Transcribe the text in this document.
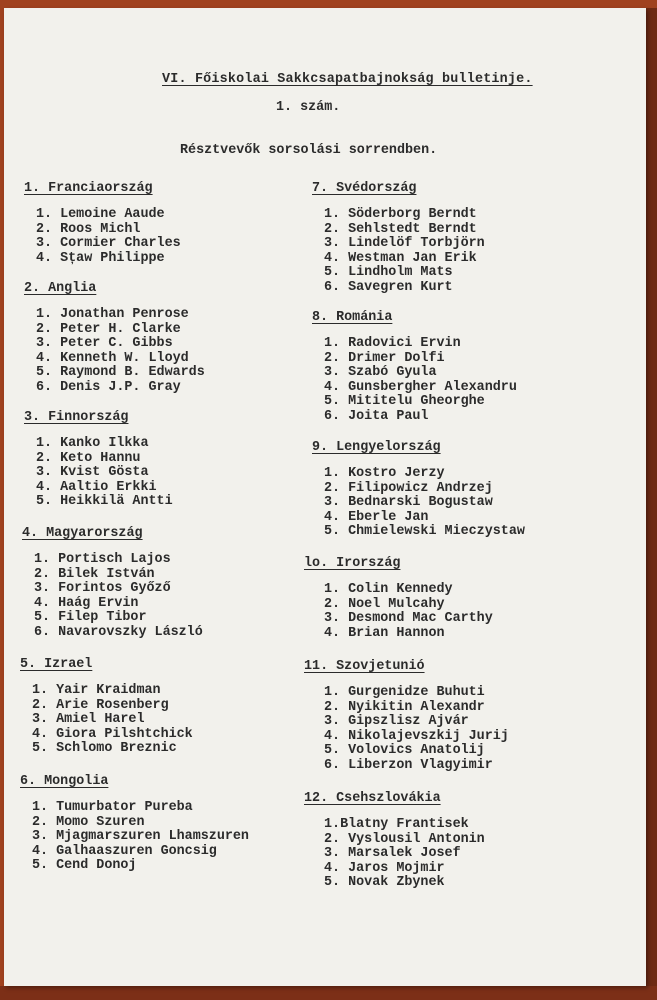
VI. Főiskolai Sakkcsapatbajnokság bulletinje.
1. szám.
Résztvevők sorsolási sorrendben.
1. Franciaország
1. Lemoine Aaude
2. Roos Michl
3. Cormier Charles
4. Sțaw Philippe
2. Anglia
1. Jonathan Penrose
2. Peter H. Clarke
3. Peter C. Gibbs
4. Kenneth W. Lloyd
5. Raymond B. Edwards
6. Denis J.P. Gray
3. Finnország
1. Kanko Ilkka
2. Keto Hannu
3. Kvist Gösta
4. Aaltio Erkki
5. Heikkilä Antti
4. Magyarország
1. Portisch Lajos
2. Bilek István
3. Forintos Győző
4. Haág Ervin
5. Filep Tibor
6. Navarovszky László
5. Izrael
1. Yair Kraidman
2. Arie Rosenberg
3. Amiel Harel
4. Giora Pilshtchick
5. Schlomo Breznic
6. Mongolia
1. Tumurbator Pureba
2. Momo Szuren
3. Mjagmarszuren Lhamszuren
4. Galhaaszuren Goncsig
5. Cend Donoj
7. Svédország
1. Söderborg Berndt
2. Sehlstedt Berndt
3. Lindelöf Torbjörn
4. Westman Jan Erik
5. Lindholm Mats
6. Savegren Kurt
8. Románia
1. Radovici Ervin
2. Drimer Dolfi
3. Szabó Gyula
4. Gunsbergher Alexandru
5. Mititelu Gheorghe
6. Joita Paul
9. Lengyelország
1. Kostro Jerzy
2. Filipowicz Andrzej
3. Bednarski Bogustaw
4. Eberle Jan
5. Chmielewski Mieczystaw
lo. Irország
1. Colin Kennedy
2. Noel Mulcahy
3. Desmond Mac Carthy
4. Brian Hannon
11. Szovjetunió
1. Gurgenidze Buhuti
2. Nyikitin Alexandr
3. Gipszlisz Ajvár
4. Nikolajevszkij Jurij
5. Volovics Anatolij
6. Liberzon Vlagyimir
12. Csehszlovákia
1.Blatny Frantisek
2. Vyslousil Antonin
3. Marsalek Josef
4. Jaros Mojmir
5. Novak Zbynek
